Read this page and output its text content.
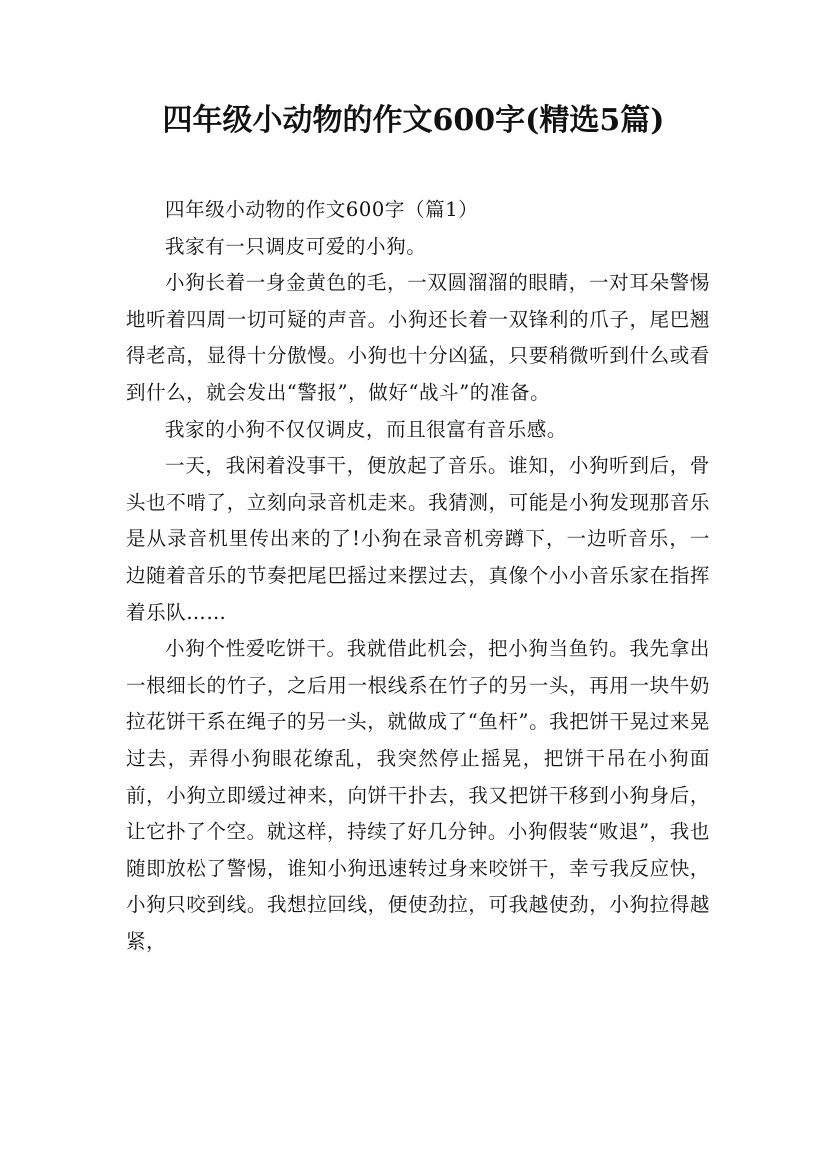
四年级小动物的作文600字(精选5篇)

四年级小动物的作文600字（篇1）

我家有一只调皮可爱的小狗。

小狗长着一身金黄色的毛，一双圆溜溜的眼睛，一对耳朵警惕地听着四周一切可疑的声音。小狗还长着一双锋利的爪子，尾巴翘得老高，显得十分傲慢。小狗也十分凶猛，只要稍微听到什么或看到什么，就会发出“警报”，做好“战斗”的准备。

我家的小狗不仅仅调皮，而且很富有音乐感。

一天，我闲着没事干，便放起了音乐。谁知，小狗听到后，骨头也不啃了，立刻向录音机走来。我猜测，可能是小狗发现那音乐是从录音机里传出来的了!小狗在录音机旁蹲下，一边听音乐，一边随着音乐的节奏把尾巴摇过来摆过去，真像个小小音乐家在指挥着乐队……

小狗个性爱吃饼干。我就借此机会，把小狗当鱼钓。我先拿出一根细长的竹子，之后用一根线系在竹子的另一头，再用一块牛奶拉花饼干系在绳子的另一头，就做成了“鱼杆”。我把饼干晃过来晃过去，弄得小狗眼花缭乱，我突然停止摇晃，把饼干吊在小狗面前，小狗立即缓过神来，向饼干扑去，我又把饼干移到小狗身后，让它扑了个空。就这样，持续了好几分钟。小狗假装“败退”，我也随即放松了警惕，谁知小狗迅速转过身来咬饼干，幸亏我反应快，小狗只咬到线。我想拉回线，便使劲拉，可我越使劲，小狗拉得越紧，
